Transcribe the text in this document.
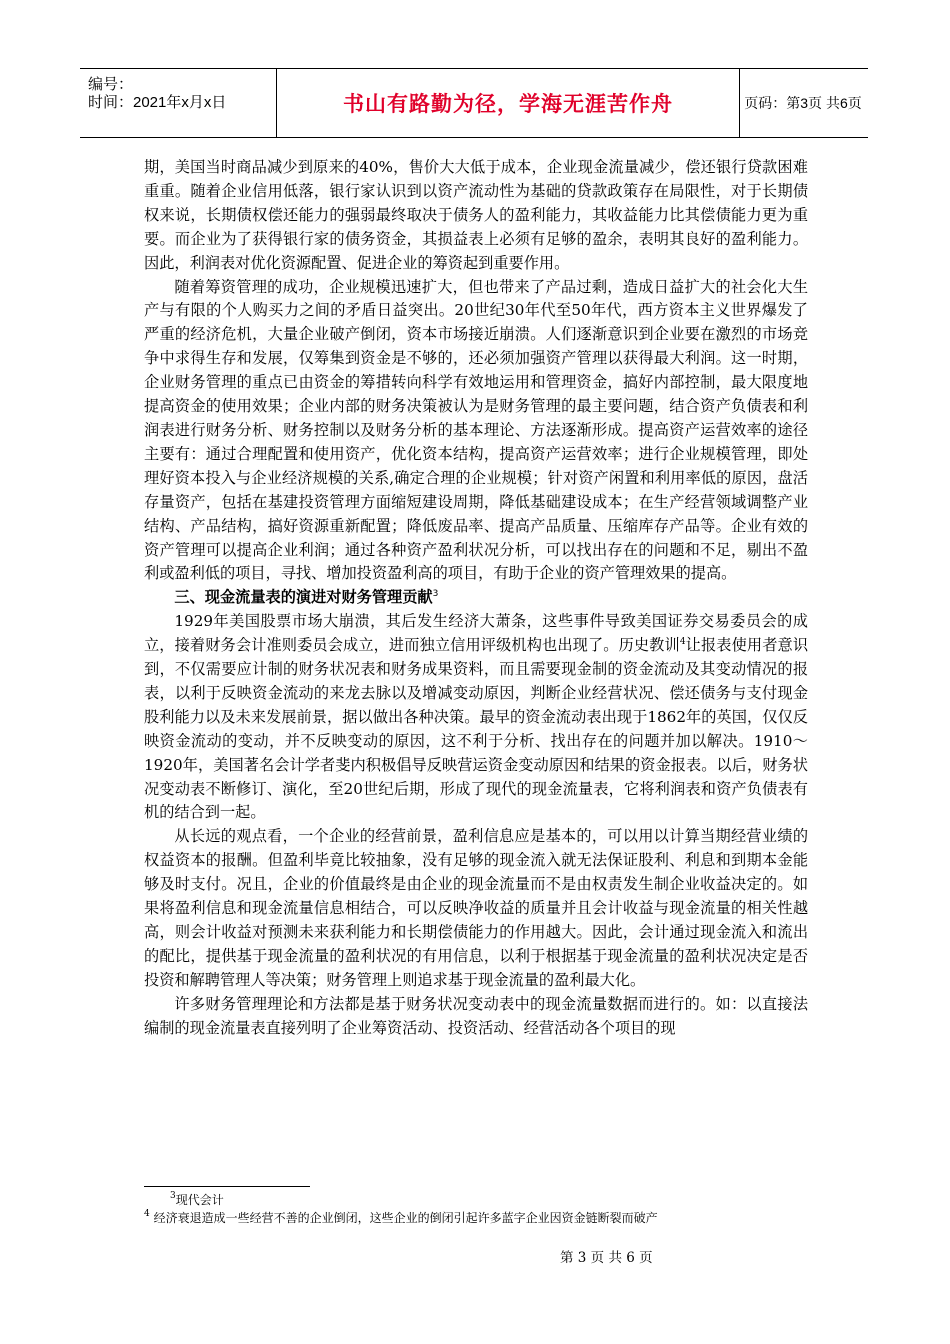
编号：
时间：2021年x月x日	书山有路勤为径，学海无涯苦作舟	页码：第3页 共6页

期，美国当时商品减少到原来的40%，售价大大低于成本，企业现金流量减少，偿还银行贷款困难重重。随着企业信用低落，银行家认识到以资产流动性为基础的贷款政策存在局限性，对于长期债权来说，长期债权偿还能力的强弱最终取决于债务人的盈利能力，其收益能力比其偿债能力更为重要。而企业为了获得银行家的债务资金，其损益表上必须有足够的盈余，表明其良好的盈利能力。因此，利润表对优化资源配置、促进企业的筹资起到重要作用。

随着筹资管理的成功，企业规模迅速扩大，但也带来了产品过剩，造成日益扩大的社会化大生产与有限的个人购买力之间的矛盾日益突出。20世纪30年代至50年代，西方资本主义世界爆发了严重的经济危机，大量企业破产倒闭，资本市场接近崩溃。人们逐渐意识到企业要在激烈的市场竞争中求得生存和发展，仅筹集到资金是不够的，还必须加强资产管理以获得最大利润。这一时期，企业财务管理的重点已由资金的筹措转向科学有效地运用和管理资金，搞好内部控制，最大限度地提高资金的使用效果；企业内部的财务决策被认为是财务管理的最主要问题，结合资产负债表和利润表进行财务分析、财务控制以及财务分析的基本理论、方法逐渐形成。提高资产运营效率的途径主要有：通过合理配置和使用资产，优化资本结构，提高资产运营效率；进行企业规模管理，即处理好资本投入与企业经济规模的关系,确定合理的企业规模；针对资产闲置和利用率低的原因，盘活存量资产，包括在基建投资管理方面缩短建设周期，降低基础建设成本；在生产经营领域调整产业结构、产品结构，搞好资源重新配置；降低废品率、提高产品质量、压缩库存产品等。企业有效的资产管理可以提高企业利润；通过各种资产盈利状况分析，可以找出存在的问题和不足，剔出不盈利或盈利低的项目，寻找、增加投资盈利高的项目，有助于企业的资产管理效果的提高。

三、现金流量表的演进对财务管理贡献$^3$

1929年美国股票市场大崩溃，其后发生经济大萧条，这些事件导致美国证券交易委员会的成立，接着财务会计准则委员会成立，进而独立信用评级机构也出现了。历史教训$^4$让报表使用者意识到，不仅需要应计制的财务状况表和财务成果资料，而且需要现金制的资金流动及其变动情况的报表，以利于反映资金流动的来龙去脉以及增减变动原因，判断企业经营状况、偿还债务与支付现金股利能力以及未来发展前景，据以做出各种决策。最早的资金流动表出现于1862年的英国，仅仅反映资金流动的变动，并不反映变动的原因，这不利于分析、找出存在的问题并加以解决。1910～1920年，美国著名会计学者斐内积极倡导反映营运资金变动原因和结果的资金报表。以后，财务状况变动表不断修订、演化，至20世纪后期，形成了现代的现金流量表，它将利润表和资产负债表有机的结合到一起。

从长远的观点看，一个企业的经营前景，盈利信息应是基本的，可以用以计算当期经营业绩的权益资本的报酬。但盈利毕竟比较抽象，没有足够的现金流入就无法保证股利、利息和到期本金能够及时支付。况且，企业的价值最终是由企业的现金流量而不是由权责发生制企业收益决定的。如果将盈利信息和现金流量信息相结合，可以反映净收益的质量并且会计收益与现金流量的相关性越高，则会计收益对预测未来获利能力和长期偿债能力的作用越大。因此，会计通过现金流入和流出的配比，提供基于现金流量的盈利状况的有用信息，以利于根据基于现金流量的盈利状况决定是否投资和解聘管理人等决策；财务管理上则追求基于现金流量的盈利最大化。

许多财务管理理论和方法都是基于财务状况变动表中的现金流量数据而进行的。如：以直接法编制的现金流量表直接列明了企业筹资活动、投资活动、经营活动各个项目的现

$^3$现代会计
$^4$ 经济衰退造成一些经营不善的企业倒闭，这些企业的倒闭引起许多蓝字企业因资金链断裂而破产
第 3 页 共 6 页
